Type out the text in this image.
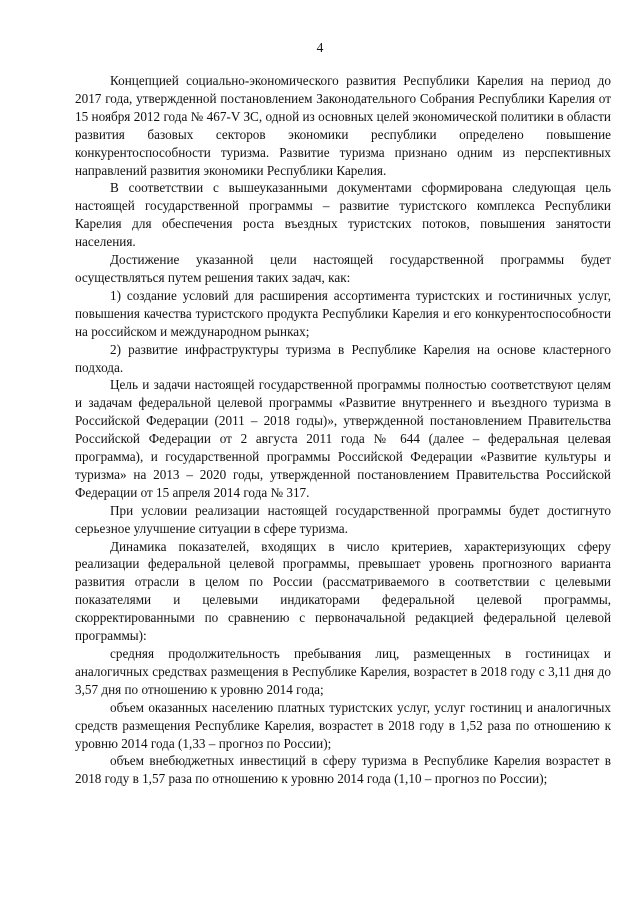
4

Концепцией социально-экономического развития Республики Карелия на период до 2017 года, утвержденной постановлением Законодательного Собрания Республики Карелия от 15 ноября 2012 года № 467-V ЗС, одной из основных целей экономической политики в области развития базовых секторов экономики республики определено повышение конкурентоспособности туризма. Развитие туризма признано одним из перспективных направлений развития экономики Республики Карелия.

В соответствии с вышеуказанными документами сформирована следующая цель настоящей государственной программы – развитие туристского комплекса Республики Карелия для обеспечения роста въездных туристских потоков, повышения занятости населения.

Достижение указанной цели настоящей государственной программы будет осуществляться путем решения таких задач, как:

1) создание условий для расширения ассортимента туристских и гостиничных услуг, повышения качества туристского продукта Республики Карелия и его конкурентоспособности на российском и международном рынках;

2) развитие инфраструктуры туризма в Республике Карелия на основе кластерного подхода.

Цель и задачи настоящей государственной программы полностью соответствуют целям и задачам федеральной целевой программы «Развитие внутреннего и въездного туризма в Российской Федерации (2011 – 2018 годы)», утвержденной постановлением Правительства Российской Федерации от 2 августа 2011 года № 644 (далее – федеральная целевая программа), и государственной программы Российской Федерации «Развитие культуры и туризма» на 2013 – 2020 годы, утвержденной постановлением Правительства Российской Федерации от 15 апреля 2014 года № 317.

При условии реализации настоящей государственной программы будет достигнуто серьезное улучшение ситуации в сфере туризма.

Динамика показателей, входящих в число критериев, характеризующих сферу реализации федеральной целевой программы, превышает уровень прогнозного варианта развития отрасли в целом по России (рассматриваемого в соответствии с целевыми показателями и целевыми индикаторами федеральной целевой программы, скорректированными по сравнению с первоначальной редакцией федеральной целевой программы):

средняя продолжительность пребывания лиц, размещенных в гостиницах и аналогичных средствах размещения в Республике Карелия, возрастет в 2018 году с 3,11 дня до 3,57 дня по отношению к уровню 2014 года;

объем оказанных населению платных туристских услуг, услуг гостиниц и аналогичных средств размещения Республике Карелия, возрастет в 2018 году в 1,52 раза по отношению к уровню 2014 года (1,33 – прогноз по России);

объем внебюджетных инвестиций в сферу туризма в Республике Карелия возрастет в 2018 году в 1,57 раза по отношению к уровню 2014 года (1,10 – прогноз по России);
